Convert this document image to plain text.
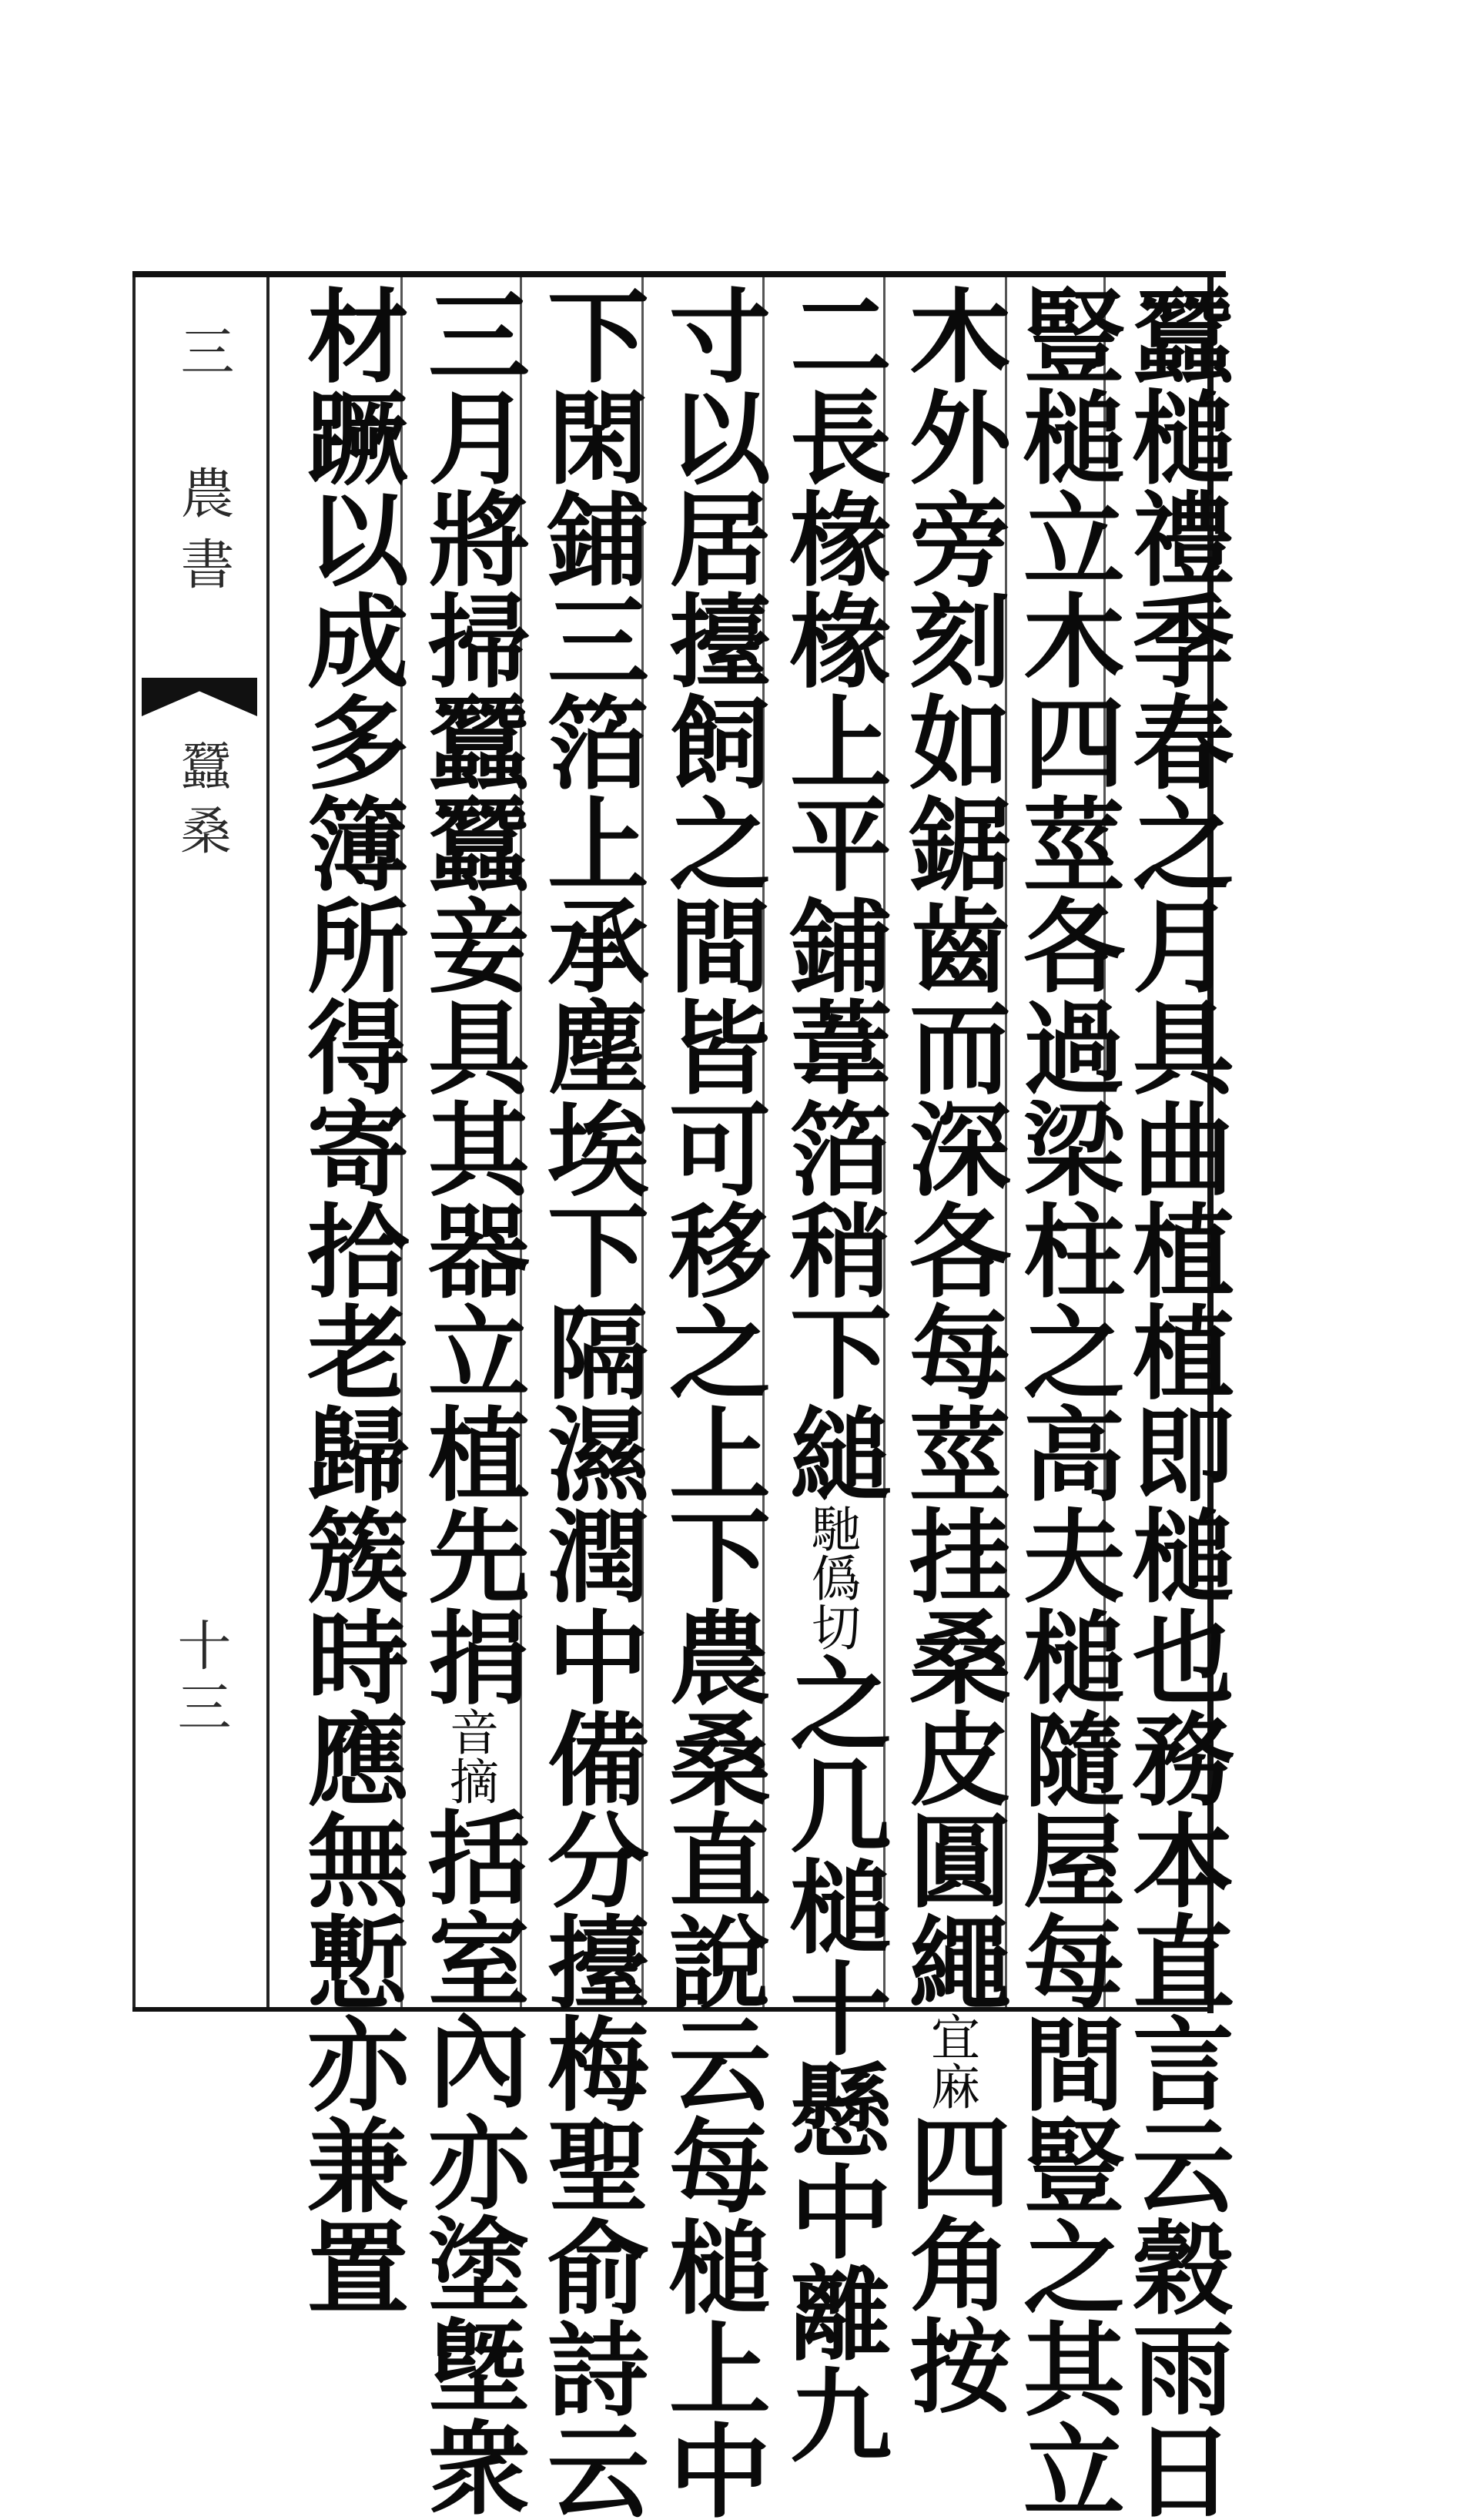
三　農書
蠶桑
十三	蠶槌禮季春之月具曲植植即槌也務本直言云穀雨日
豎槌立木四莖各過梁柱之高夫槌隨屋每間豎之其立
木外旁刻如鋸齒而深各每莖挂桑皮圓繩宜麻四角按
二長椽椽上平鋪葦箔稍下縋馳僞切之几槌十懸中離九
寸以居擡飼之間皆可移之上下農桑直說云每槌上中
下閑鋪三箔上承塵埃下隔濕潤中備分擡梅聖俞詩云
三月將掃蠶蠶妾具其器立植先捐音摘括室內亦塗墍衆
材蹶以成多簿所得寄拾老歸簇時應無慙亦兼置
